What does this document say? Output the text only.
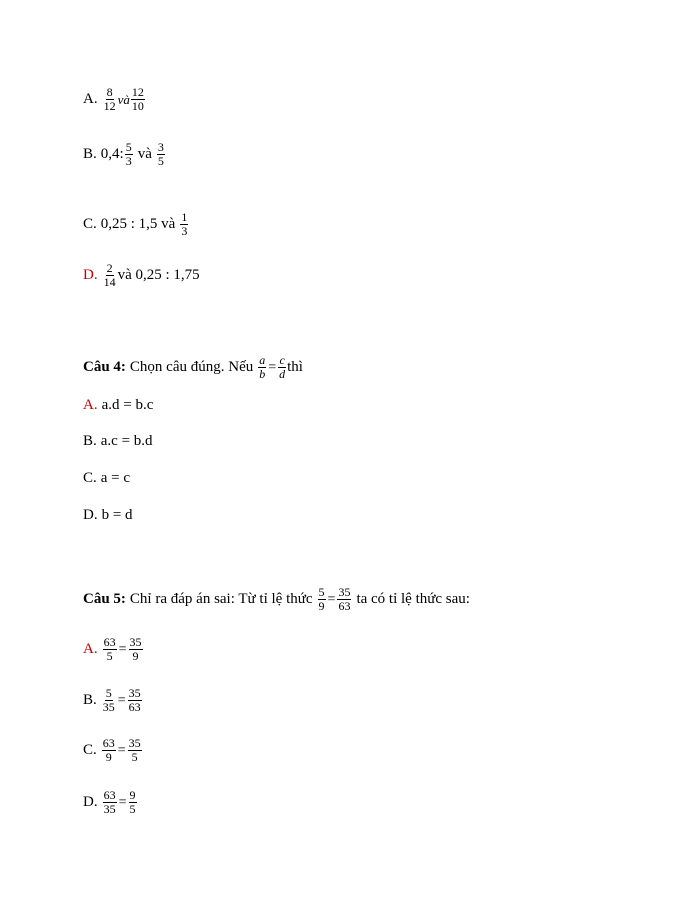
A. $\frac{8}{12}$ và $\frac{12}{10}$
B. 0,4: $\frac{5}{3}$ và $\frac{3}{5}$
C. 0,25 : 1,5 và $\frac{1}{3}$
D. $\frac{2}{14}$ và 0,25 : 1,75
Câu 4: Chọn câu đúng. Nếu $\frac{a}{b} = \frac{c}{d}$ thì
A. a.d = b.c
B. a.c = b.d
C. a = c
D. b = d
Câu 5: Chỉ ra đáp án sai: Từ tỉ lệ thức $\frac{5}{9} = \frac{35}{63}$ ta có tỉ lệ thức sau:
A. $\frac{63}{5} = \frac{35}{9}$
B. $\frac{5}{35} = \frac{35}{63}$
C. $\frac{63}{9} = \frac{35}{5}$
D. $\frac{63}{35} = \frac{9}{5}$
